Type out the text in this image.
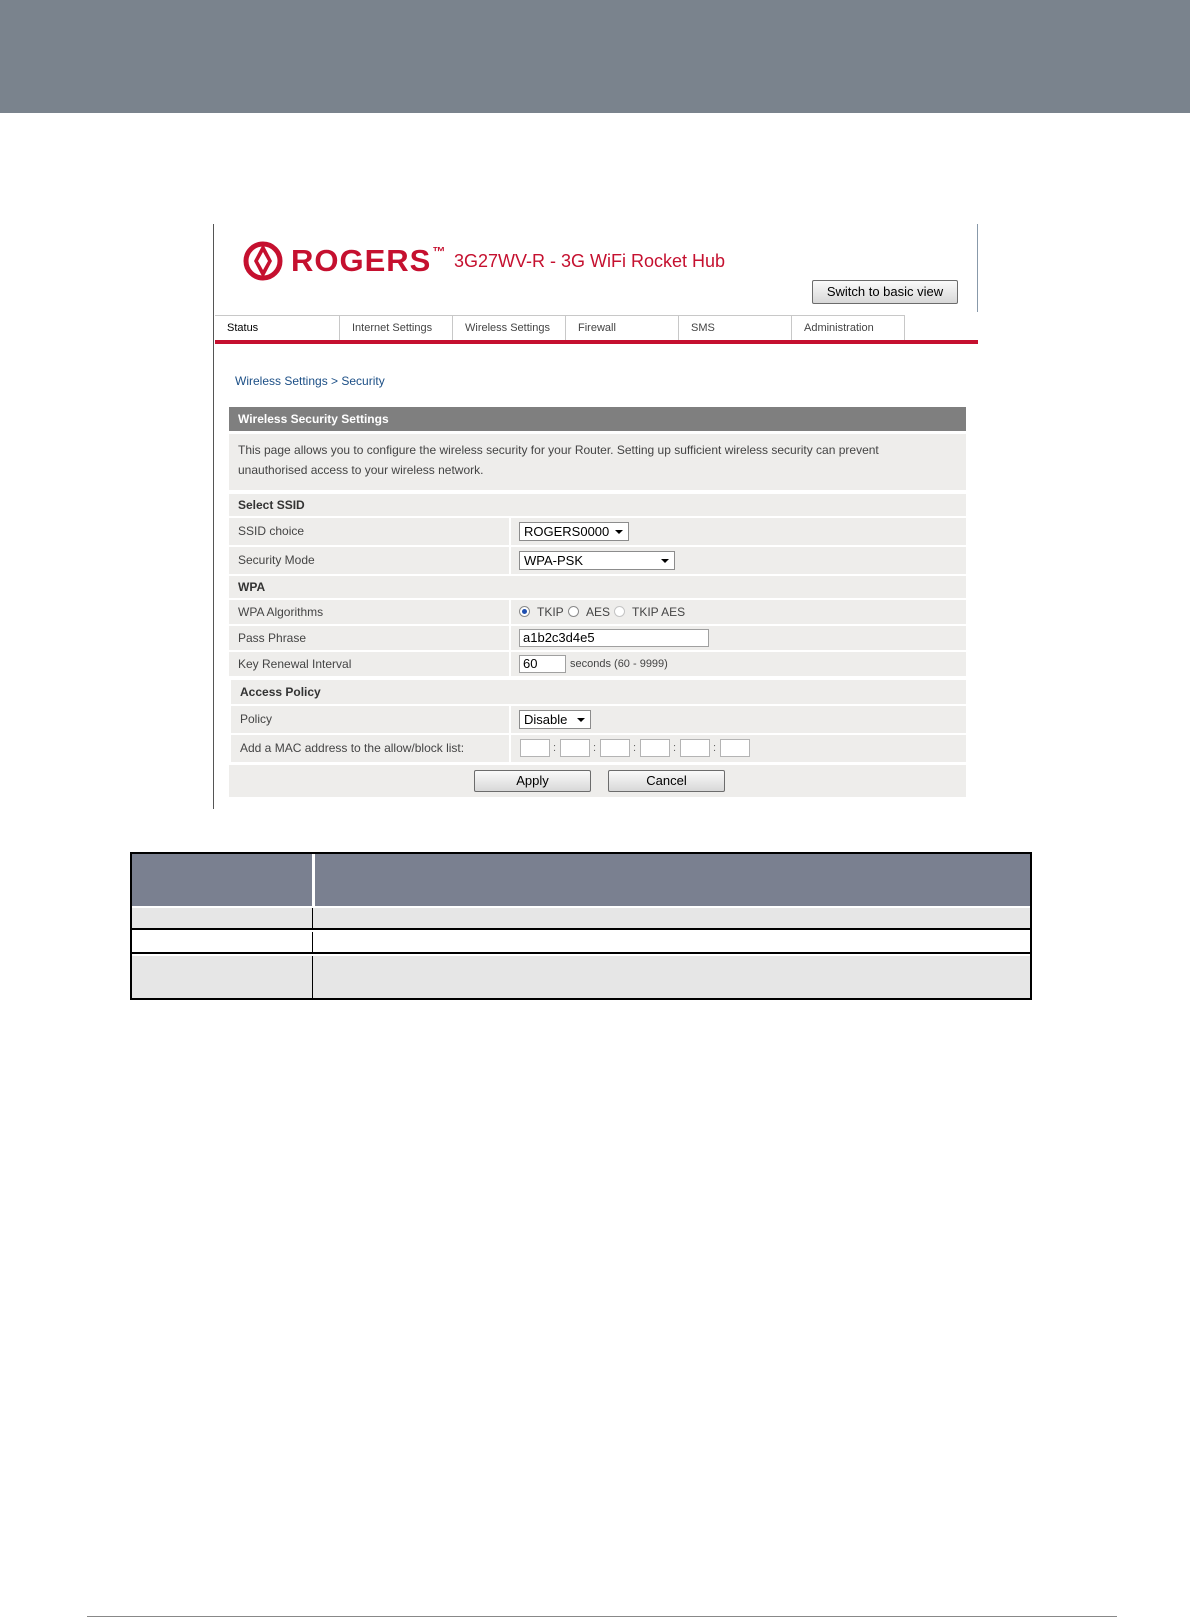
ROGERS ™ 3G27WV-R - 3G WiFi Rocket Hub
Switch to basic view
Status	Internet Settings	Wireless Settings	Firewall	SMS	Administration
Wireless Settings > Security
Wireless Security Settings
This page allows you to configure the wireless security for your Router. Setting up sufficient wireless security can prevent
unauthorised access to your wireless network.
Select SSID
SSID choice	ROGERS0000
Security Mode	WPA-PSK
WPA
WPA Algorithms	TKIP AES TKIP AES
Pass Phrase	a1b2c3d4e5
Key Renewal Interval	60	seconds (60 - 9999)
Access Policy
Policy	Disable
Add a MAC address to the allow/block list:	:	:	:	:	:
Apply	Cancel
